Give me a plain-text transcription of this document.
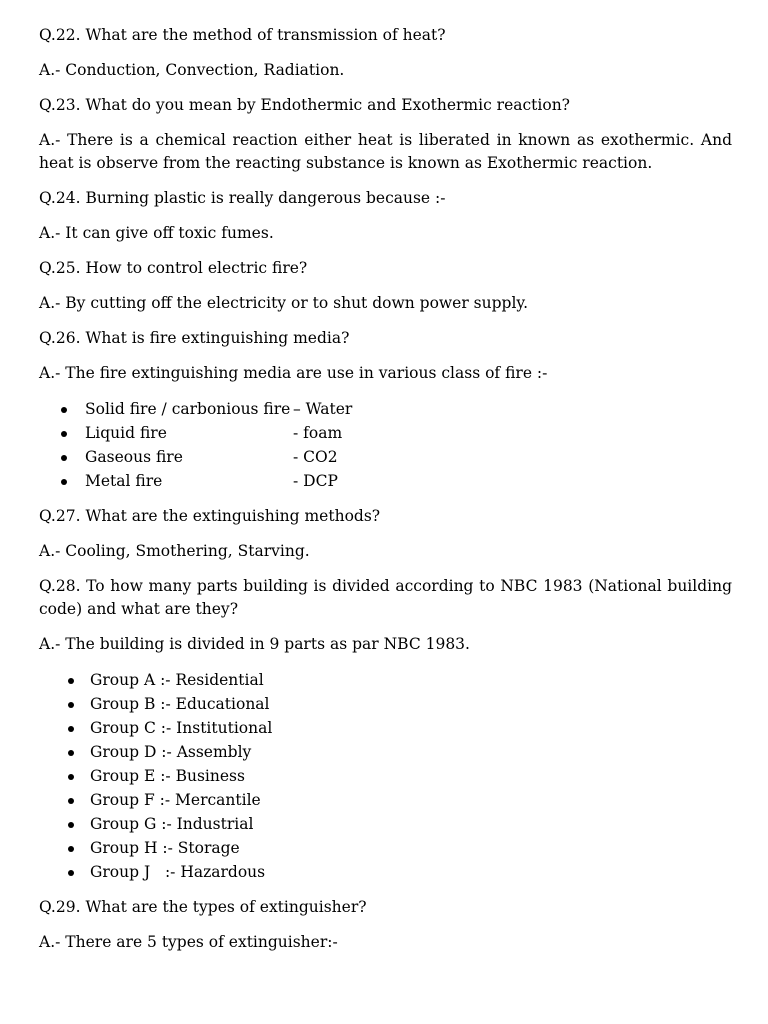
Q.22. What are the method of transmission of heat?

A.- Conduction, Convection, Radiation.

Q.23. What do you mean by Endothermic and Exothermic reaction?

A.- There is a chemical reaction either heat is liberated in known as exothermic. And heat is observe from the reacting substance is known as Exothermic reaction.

Q.24. Burning plastic is really dangerous because :-

A.- It can give off toxic fumes.

Q.25. How to control electric fire?

A.- By cutting off the electricity or to shut down power supply.

Q.26. What is fire extinguishing media?

A.- The fire extinguishing media are use in various class of fire :-

Solid fire / carbonious fire – Water
Liquid fire	- foam
Gaseous fire	- CO2
Metal fire	- DCP

Q.27. What are the extinguishing methods?

A.- Cooling, Smothering, Starving.

Q.28. To how many parts building is divided according to NBC 1983 (National building code) and what are they?

A.- The building is divided in 9 parts as par NBC 1983.

Group A :- Residential
Group B :- Educational
Group C :- Institutional
Group D :- Assembly
Group E :- Business
Group F :- Mercantile
Group G :- Industrial
Group H :- Storage
Group J   :- Hazardous

Q.29. What are the types of extinguisher?

A.- There are 5 types of extinguisher:-
